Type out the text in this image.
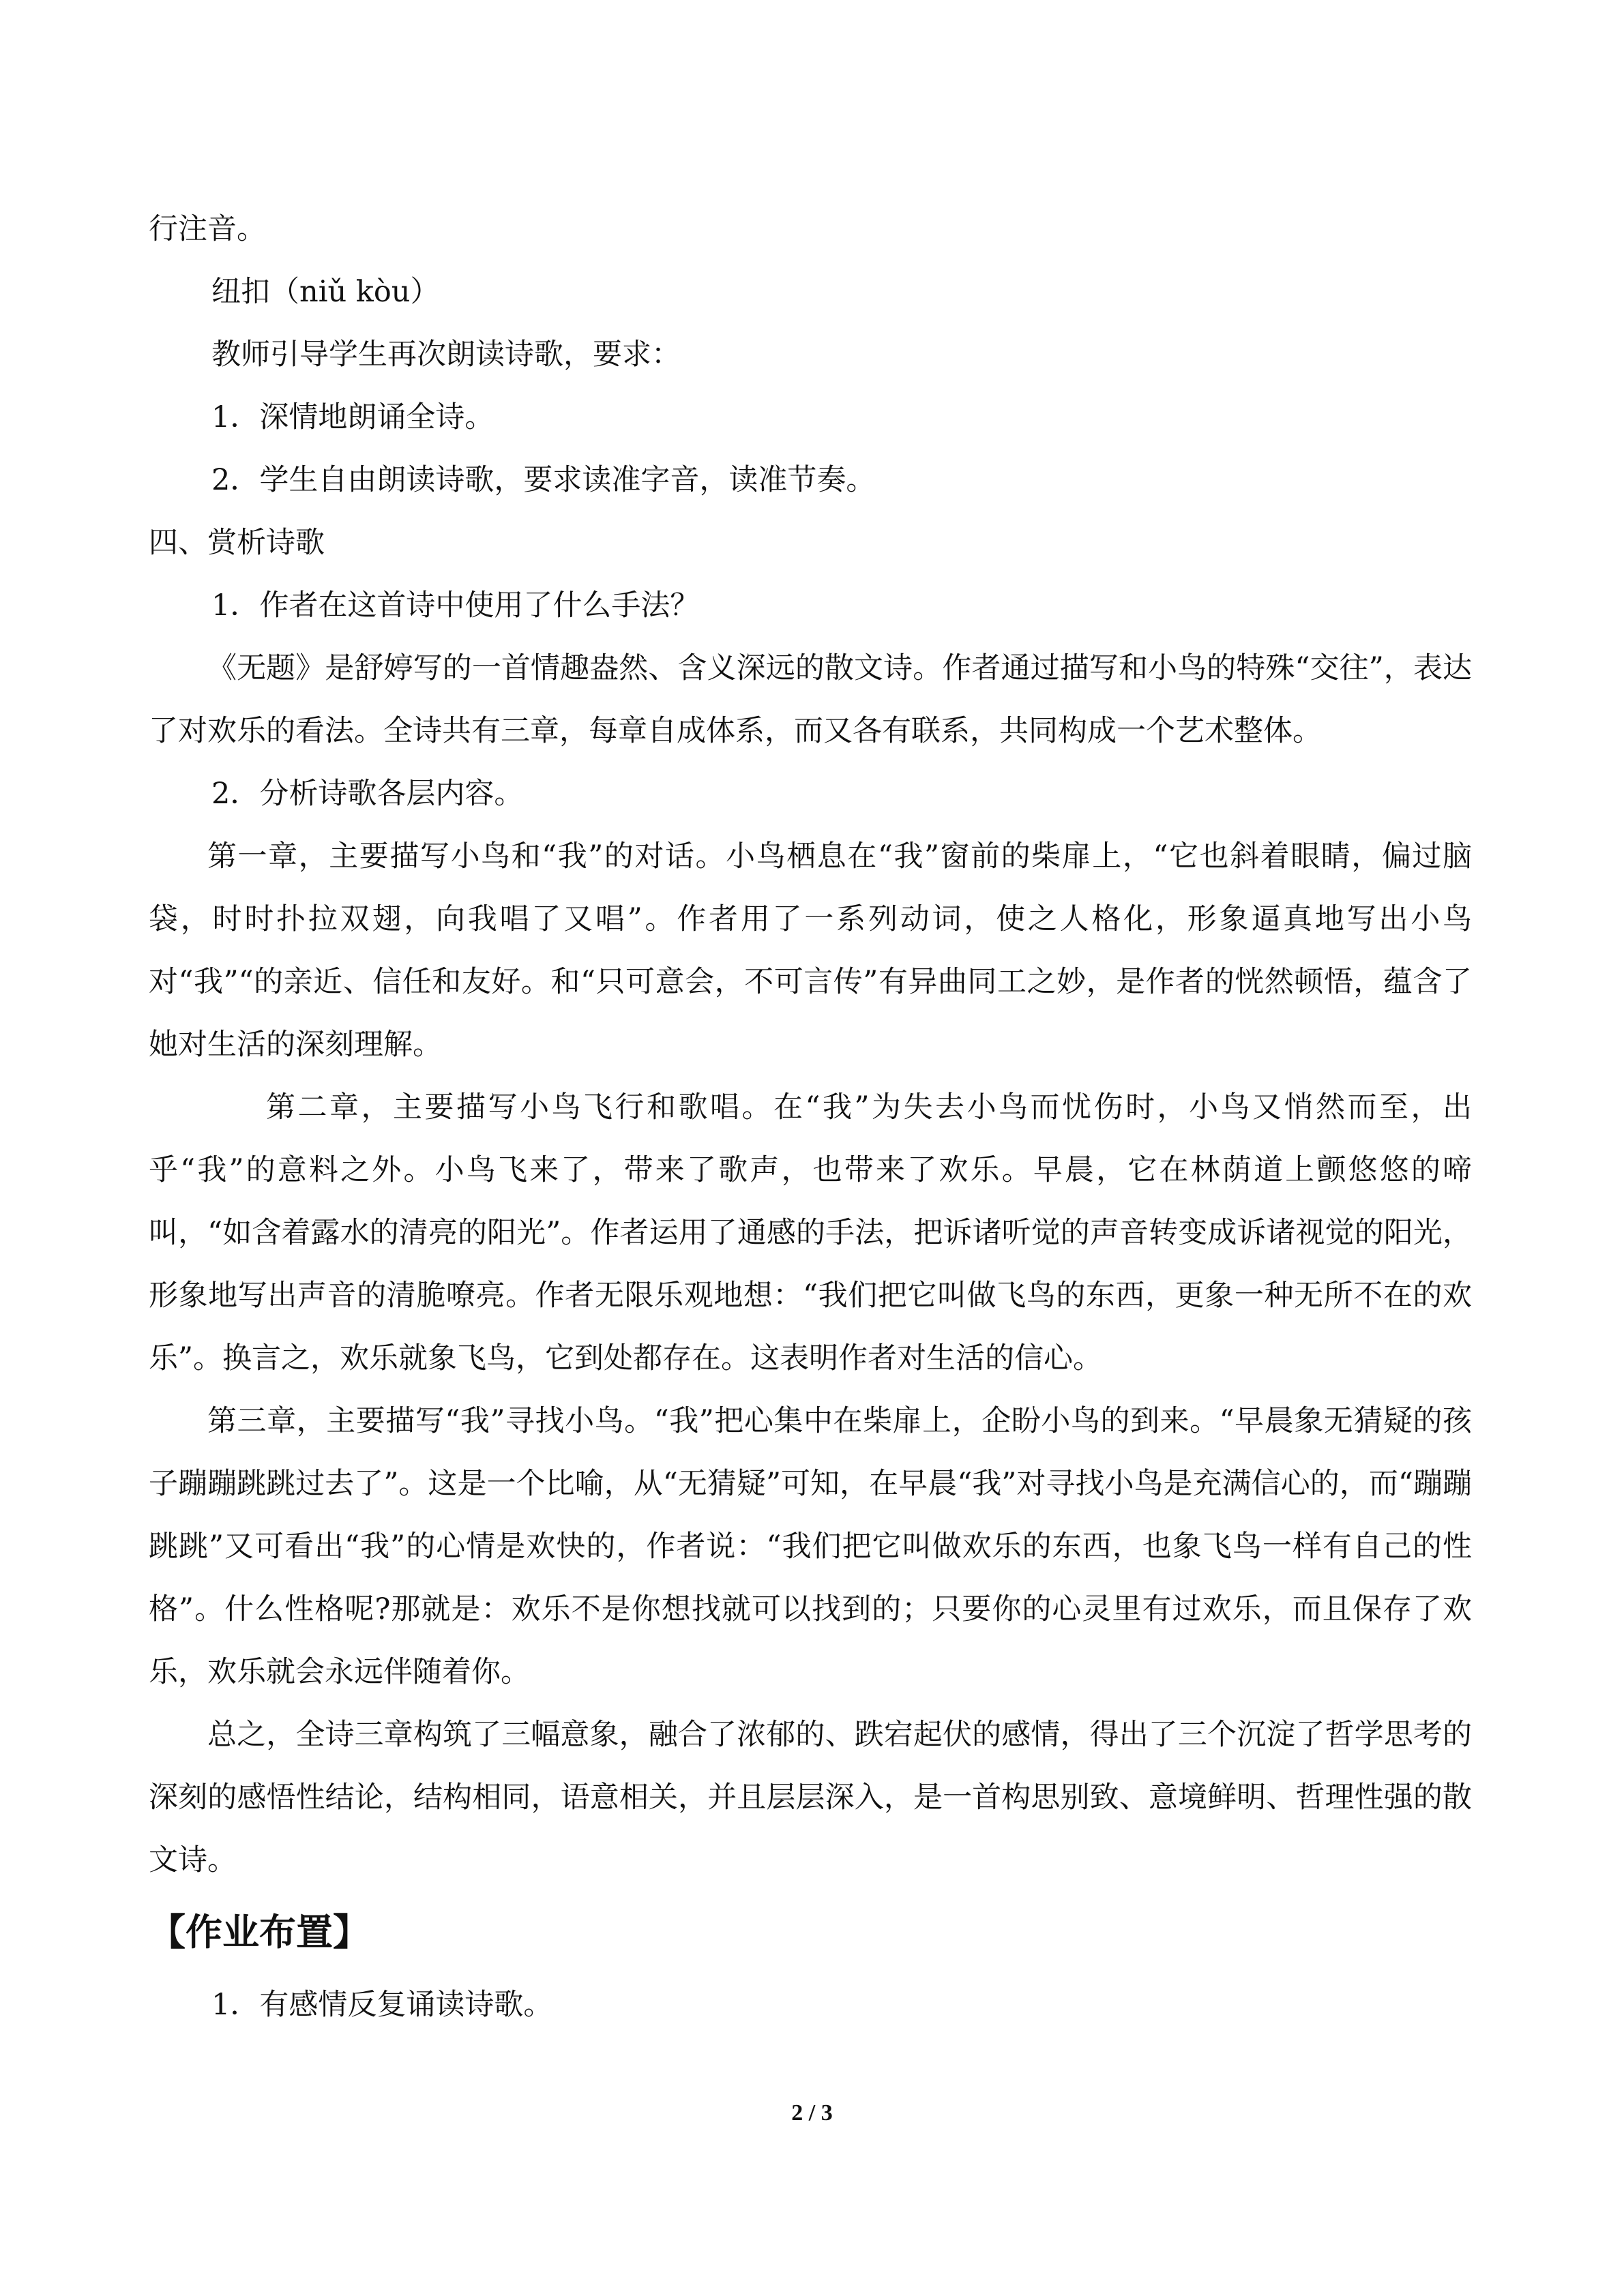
行注音。

纽扣（niǔ kòu）

教师引导学生再次朗读诗歌，要求：

1．深情地朗诵全诗。

2．学生自由朗读诗歌，要求读准字音，读准节奏。

四、赏析诗歌

1．作者在这首诗中使用了什么手法？

《无题》是舒婷写的一首情趣盎然、含义深远的散文诗。作者通过描写和小鸟的特殊“交往”，表达了对欢乐的看法。全诗共有三章，每章自成体系，而又各有联系，共同构成一个艺术整体。

2．分析诗歌各层内容。

第一章，主要描写小鸟和“我”的对话。小鸟栖息在“我”窗前的柴扉上，“它也斜着眼睛，偏过脑袋，时时扑拉双翅，向我唱了又唱”。作者用了一系列动词，使之人格化，形象逼真地写出小鸟对“我”“的亲近、信任和友好。和“只可意会，不可言传”有异曲同工之妙，是作者的恍然顿悟，蕴含了她对生活的深刻理解。

第二章，主要描写小鸟飞行和歌唱。在“我”为失去小鸟而忧伤时，小鸟又悄然而至，出乎“我”的意料之外。小鸟飞来了，带来了歌声，也带来了欢乐。早晨，它在林荫道上颤悠悠的啼叫，“如含着露水的清亮的阳光”。作者运用了通感的手法，把诉诸听觉的声音转变成诉诸视觉的阳光，形象地写出声音的清脆嘹亮。作者无限乐观地想：“我们把它叫做飞鸟的东西，更象一种无所不在的欢乐”。换言之，欢乐就象飞鸟，它到处都存在。这表明作者对生活的信心。

第三章，主要描写“我”寻找小鸟。“我”把心集中在柴扉上，企盼小鸟的到来。“早晨象无猜疑的孩子蹦蹦跳跳过去了”。这是一个比喻，从“无猜疑”可知，在早晨“我”对寻找小鸟是充满信心的，而“蹦蹦跳跳”又可看出“我”的心情是欢快的，作者说：“我们把它叫做欢乐的东西，也象飞鸟一样有自己的性格”。什么性格呢?那就是：欢乐不是你想找就可以找到的；只要你的心灵里有过欢乐，而且保存了欢乐，欢乐就会永远伴随着你。

总之，全诗三章构筑了三幅意象，融合了浓郁的、跌宕起伏的感情，得出了三个沉淀了哲学思考的深刻的感悟性结论，结构相同，语意相关，并且层层深入，是一首构思别致、意境鲜明、哲理性强的散文诗。

【作业布置】

1．有感情反复诵读诗歌。

2 / 3
